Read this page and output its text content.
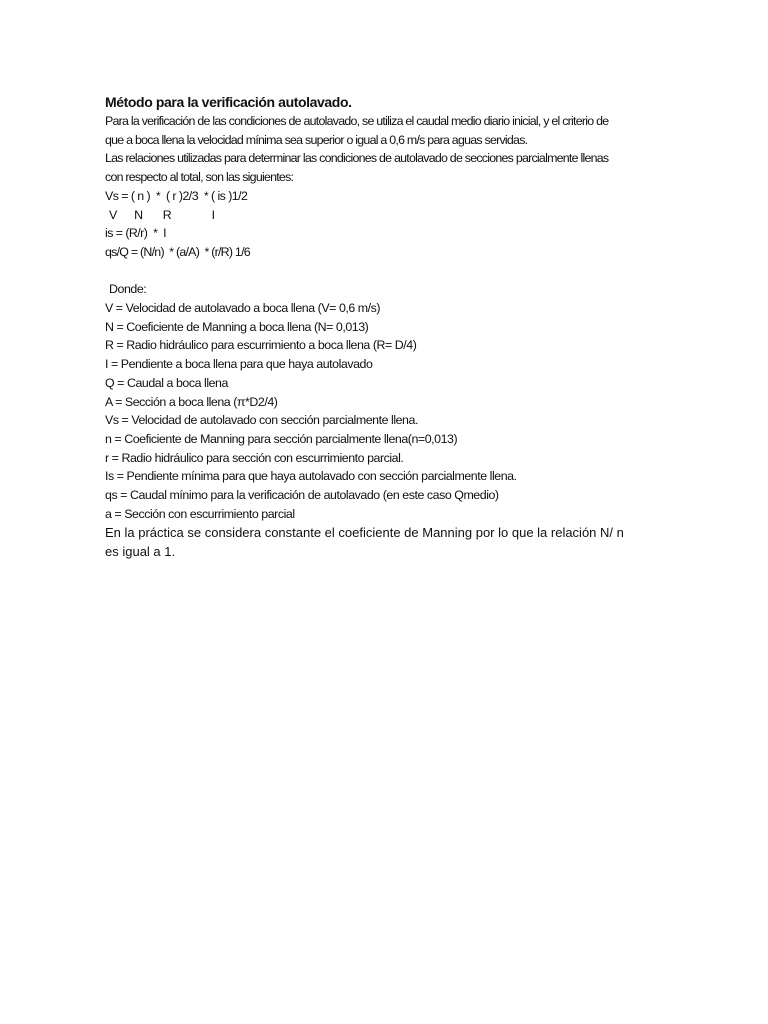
Método para la verificación autolavado.
Para la verificación de las condiciones de autolavado, se utiliza el caudal medio diario inicial, y el criterio de
que a boca llena la velocidad mínima sea superior o igual a 0,6 m/s para aguas servidas.
Las relaciones utilizadas para determinar las condiciones de autolavado de secciones parcialmente llenas
con respecto al total, son las siguientes:
Vs = ( n )  *  ( r )2/3  * ( is )1/2
V      N       R              I
is = (R/r)  *  I
qs/Q = (N/n)  * (a/A)  * (r/R) 1/6
Donde:
V = Velocidad de autolavado a boca llena (V= 0,6 m/s)
N = Coeficiente de Manning a boca llena (N= 0,013)
R = Radio hidráulico para escurrimiento a boca llena (R= D/4)
I = Pendiente a boca llena para que haya autolavado
Q = Caudal a boca llena
A = Sección a boca llena (π*D2/4)
Vs = Velocidad de autolavado con sección parcialmente llena.
n = Coeficiente de Manning para sección parcialmente llena(n=0,013)
r = Radio hidráulico para sección con escurrimiento parcial.
Is = Pendiente mínima para que haya autolavado con sección parcialmente llena.
qs = Caudal mínimo para la verificación de autolavado (en este caso Qmedio)
a = Sección con escurrimiento parcial
En la práctica se considera constante el coeficiente de Manning por lo que la relación N/ n
es igual a 1.
